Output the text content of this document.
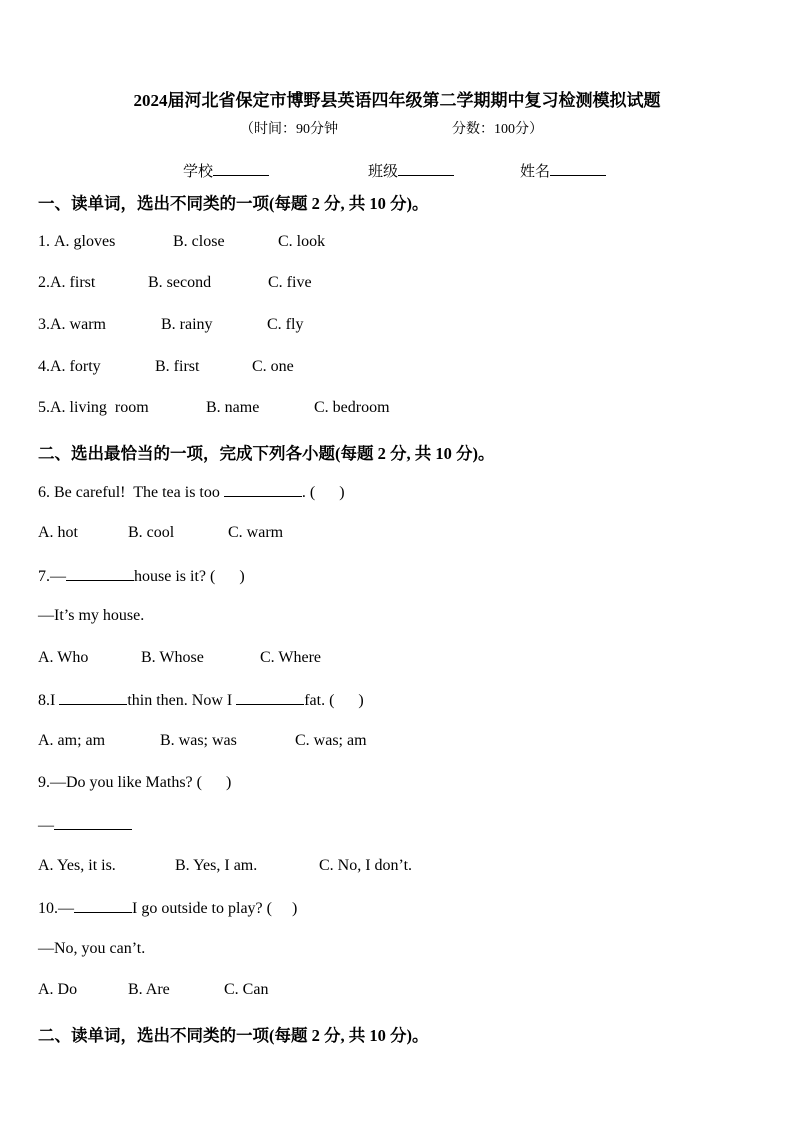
2024届河北省保定市博野县英语四年级第二学期期中复习检测模拟试题
（时间：90分钟	分数：100分）
学校	班级	姓名
一、读单词，选出不同类的一项(每题 2 分, 共 10 分)。
1. A. gloves	B. close	C. look
2.A. first	B. second	C. five
3.A. warm	B. rainy	C. fly
4.A. forty	B. first	C. one
5.A. living  room	B. name	C. bedroom
二、选出最恰当的一项，完成下列各小题(每题 2 分, 共 10 分)。
6. Be careful!  The tea is too	. (      )
A. hot	B. cool	C. warm
7.—	house is it? (      )
—It’s my house.
A. Who	B. Whose	C. Where
8.I	thin then. Now I	fat. (      )
A. am; am	B. was; was	C. was; am
9.—Do you like Maths? (      )
—
A. Yes, it is.	B. Yes, I am.	C. No, I don’t.
10.—	I go outside to play? (     )
—No, you can’t.
A. Do	B. Are	C. Can
二、读单词，选出不同类的一项(每题 2 分, 共 10 分)。
